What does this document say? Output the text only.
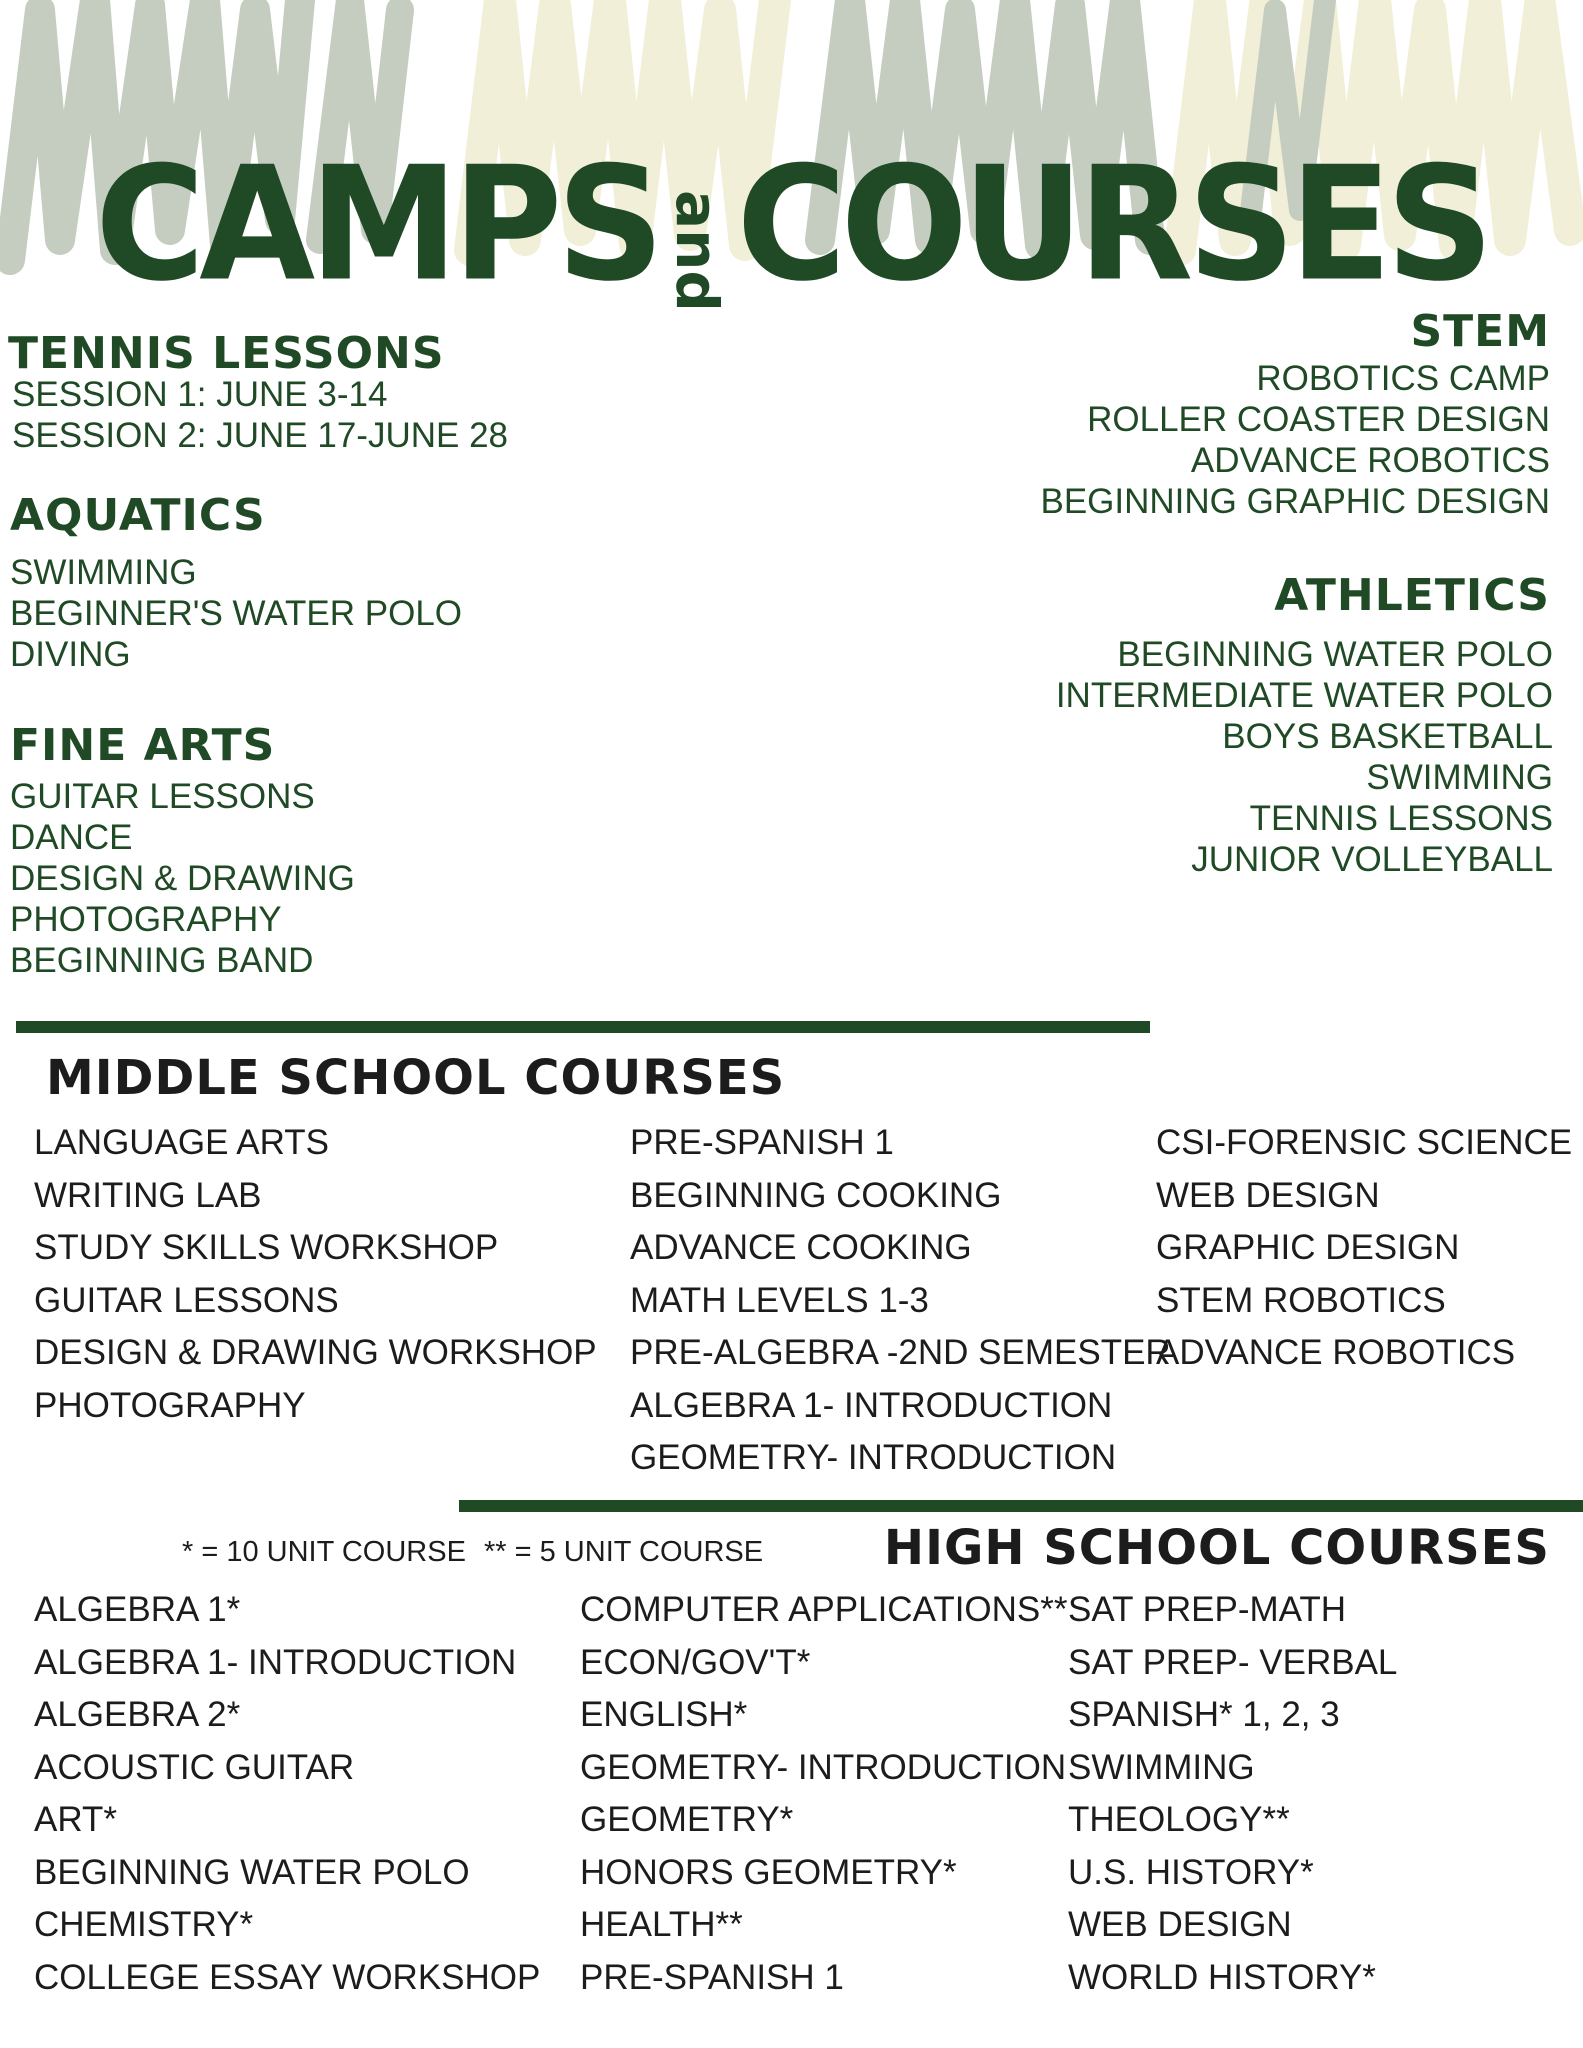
CAMPS and COURSES
TENNIS LESSONS
SESSION 1: JUNE 3-14
SESSION 2: JUNE 17-JUNE 28
AQUATICS
SWIMMING
BEGINNER'S WATER POLO
DIVING
FINE ARTS
GUITAR LESSONS
DANCE
DESIGN & DRAWING
PHOTOGRAPHY
BEGINNING BAND
STEM
ROBOTICS CAMP
ROLLER COASTER DESIGN
ADVANCE ROBOTICS
BEGINNING GRAPHIC DESIGN
ATHLETICS
BEGINNING WATER POLO
INTERMEDIATE WATER POLO
BOYS BASKETBALL
SWIMMING
TENNIS LESSONS
JUNIOR VOLLEYBALL
MIDDLE SCHOOL COURSES
LANGUAGE ARTS
WRITING LAB
STUDY SKILLS WORKSHOP
GUITAR LESSONS
DESIGN & DRAWING WORKSHOP
PHOTOGRAPHY
PRE-SPANISH 1
BEGINNING COOKING
ADVANCE COOKING
MATH LEVELS 1-3
PRE-ALGEBRA -2ND SEMESTER
ALGEBRA 1- INTRODUCTION
GEOMETRY- INTRODUCTION
CSI-FORENSIC SCIENCE
WEB DESIGN
GRAPHIC DESIGN
STEM ROBOTICS
ADVANCE ROBOTICS
* = 10 UNIT COURSE ** = 5 UNIT COURSE	HIGH SCHOOL COURSES
ALGEBRA 1*
ALGEBRA 1- INTRODUCTION
ALGEBRA 2*
ACOUSTIC GUITAR
ART*
BEGINNING WATER POLO
CHEMISTRY*
COLLEGE ESSAY WORKSHOP
COMPUTER APPLICATIONS**
ECON/GOV'T*
ENGLISH*
GEOMETRY- INTRODUCTION
GEOMETRY*
HONORS GEOMETRY*
HEALTH**
PRE-SPANISH 1
SAT PREP-MATH
SAT PREP- VERBAL
SPANISH* 1, 2, 3
SWIMMING
THEOLOGY**
U.S. HISTORY*
WEB DESIGN
WORLD HISTORY*
